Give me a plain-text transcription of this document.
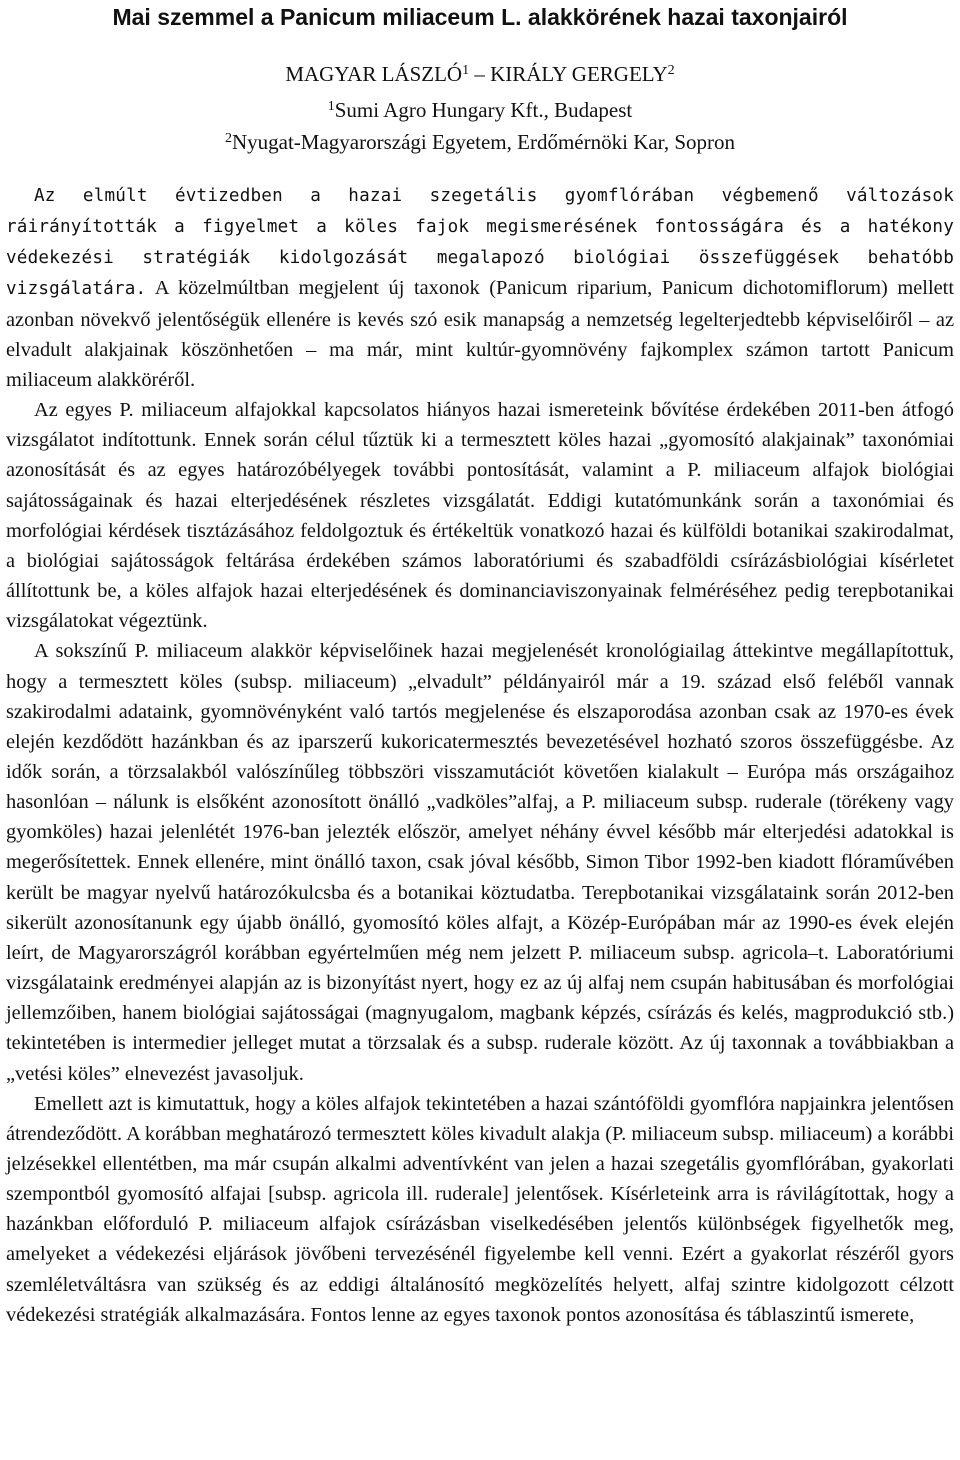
Mai szemmel a Panicum miliaceum L. alakkörének hazai taxonjairól

MAGYAR LÁSZLÓ$^1$ – KIRÁLY GERGELY$^2$

$^1$Sumi Agro Hungary Kft., Budapest

$^2$Nyugat-Magyarországi Egyetem, Erdőmérnöki Kar, Sopron

Az elmúlt évtizedben a hazai szegetális gyomflórában végbemenő változások ráirányították a figyelmet a köles fajok megismerésének fontosságára és a hatékony védekezési stratégiák kidolgozását megalapozó biológiai összefüggések behatóbb vizsgálatára. A közelmúltban megjelent új taxonok (Panicum riparium, Panicum dichotomiflorum) mellett azonban növekvő jelentőségük ellenére is kevés szó esik manapság a nemzetség legelterjedtebb képviselőiről – az elvadult alakjainak köszönhetően – ma már, mint kultúr-gyomnövény fajkomplex számon tartott Panicum miliaceum alakköréről.

Az egyes P. miliaceum alfajokkal kapcsolatos hiányos hazai ismereteink bővítése érdekében 2011-ben átfogó vizsgálatot indítottunk. Ennek során célul tűztük ki a termesztett köles hazai „gyomosító alakjainak” taxonómiai azonosítását és az egyes határozóbélyegek további pontosítását, valamint a P. miliaceum alfajok biológiai sajátosságainak és hazai elterjedésének részletes vizsgálatát. Eddigi kutatómunkánk során a taxonómiai és morfológiai kérdések tisztázásához feldolgoztuk és értékeltük vonatkozó hazai és külföldi botanikai szakirodalmat, a biológiai sajátosságok feltárása érdekében számos laboratóriumi és szabadföldi csírázásbiológiai kísérletet állítottunk be, a köles alfajok hazai elterjedésének és dominanciaviszonyainak felméréséhez pedig terepbotanikai vizsgálatokat végeztünk.

A sokszínű P. miliaceum alakkör képviselőinek hazai megjelenését kronológiailag áttekintve megállapítottuk, hogy a termesztett köles (subsp. miliaceum) „elvadult” példányairól már a 19. század első feléből vannak szakirodalmi adataink, gyomnövényként való tartós megjelenése és elszaporodása azonban csak az 1970-es évek elején kezdődött hazánkban és az iparszerű kukoricatermesztés bevezetésével hozható szoros összefüggésbe. Az idők során, a törzsalakból valószínűleg többszöri visszamutációt követően kialakult – Európa más országaihoz hasonlóan – nálunk is elsőként azonosított önálló „vadköles”alfaj, a P. miliaceum subsp. ruderale (törékeny vagy gyomköles) hazai jelenlétét 1976-ban jelezték először, amelyet néhány évvel később már elterjedési adatokkal is megerősítettek. Ennek ellenére, mint önálló taxon, csak jóval később, Simon Tibor 1992-ben kiadott flóraművében került be magyar nyelvű határozókulcsba és a botanikai köztudatba. Terepbotanikai vizsgálataink során 2012-ben sikerült azonosítanunk egy újabb önálló, gyomosító köles alfajt, a Közép-Európában már az 1990-es évek elején leírt, de Magyarországról korábban egyértelműen még nem jelzett P. miliaceum subsp. agricola–t. Laboratóriumi vizsgálataink eredményei alapján az is bizonyítást nyert, hogy ez az új alfaj nem csupán habitusában és morfológiai jellemzőiben, hanem biológiai sajátosságai (magnyugalom, magbank képzés, csírázás és kelés, magprodukció stb.) tekintetében is intermedier jelleget mutat a törzsalak és a subsp. ruderale között. Az új taxonnak a továbbiakban a „vetési köles” elnevezést javasoljuk.

Emellett azt is kimutattuk, hogy a köles alfajok tekintetében a hazai szántóföldi gyomflóra napjainkra jelentősen átrendeződött. A korábban meghatározó termesztett köles kivadult alakja (P. miliaceum subsp. miliaceum) a korábbi jelzésekkel ellentétben, ma már csupán alkalmi adventívként van jelen a hazai szegetális gyomflórában, gyakorlati szempontból gyomosító alfajai [subsp. agricola ill. ruderale] jelentősek. Kísérleteink arra is rávilágítottak, hogy a hazánkban előforduló P. miliaceum alfajok csírázásban viselkedésében jelentős különbségek figyelhetők meg, amelyeket a védekezési eljárások jövőbeni tervezésénél figyelembe kell venni. Ezért a gyakorlat részéről gyors szemléletváltásra van szükség és az eddigi általánosító megközelítés helyett, alfaj szintre kidolgozott célzott védekezési stratégiák alkalmazására. Fontos lenne az egyes taxonok pontos azonosítása és táblaszintű ismerete,
